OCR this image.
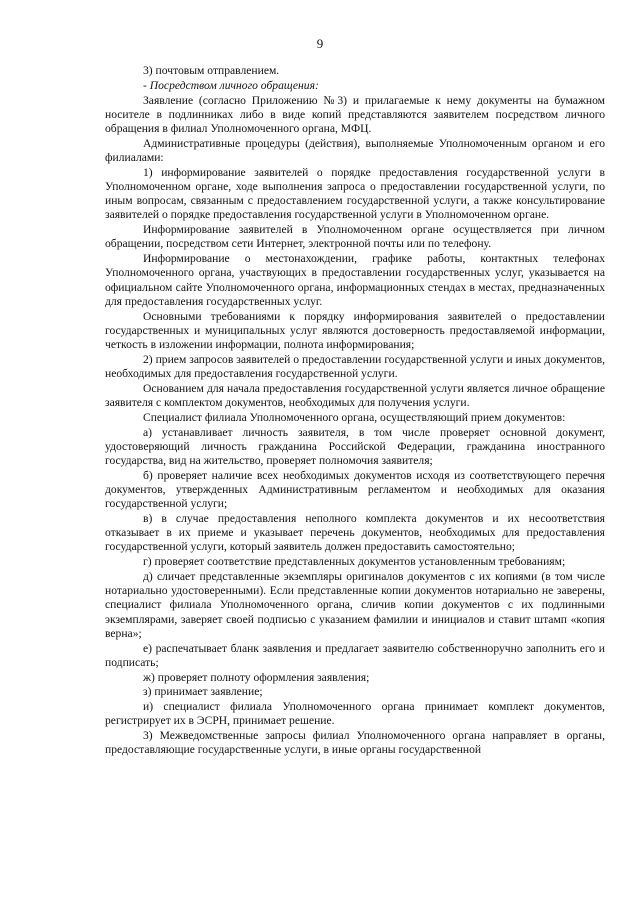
9

3) почтовым отправлением.

- Посредством личного обращения:

Заявление (согласно Приложению №3) и прилагаемые к нему документы на бумажном носителе в подлинниках либо в виде копий представляются заявителем посредством личного обращения в филиал Уполномоченного органа, МФЦ.

Административные процедуры (действия), выполняемые Уполномоченным органом и его филиалами:

1) информирование заявителей о порядке предоставления государственной услуги в Уполномоченном органе, ходе выполнения запроса о предоставлении государственной услуги, по иным вопросам, связанным с предоставлением государственной услуги, а также консультирование заявителей о порядке предоставления государственной услуги в Уполномоченном органе.

Информирование заявителей в Уполномоченном органе осуществляется при личном обращении, посредством сети Интернет, электронной почты или по телефону.

Информирование о местонахождении, графике работы, контактных телефонах Уполномоченного органа, участвующих в предоставлении государственных услуг, указывается на официальном сайте Уполномоченного органа, информационных стендах в местах, предназначенных для предоставления государственных услуг.

Основными требованиями к порядку информирования заявителей о предоставлении государственных и муниципальных услуг являются достоверность предоставляемой информации, четкость в изложении информации, полнота информирования;

2) прием запросов заявителей о предоставлении государственной услуги и иных документов, необходимых для предоставления государственной услуги.

Основанием для начала предоставления государственной услуги является личное обращение заявителя с комплектом документов, необходимых для получения услуги.

Специалист филиала Уполномоченного органа, осуществляющий прием документов:

а) устанавливает личность заявителя, в том числе проверяет основной документ, удостоверяющий личность гражданина Российской Федерации, гражданина иностранного государства, вид на жительство, проверяет полномочия заявителя;

б) проверяет наличие всех необходимых документов исходя из соответствующего перечня документов, утвержденных Административным регламентом и необходимых для оказания государственной услуги;

в) в случае предоставления неполного комплекта документов и их несоответствия отказывает в их приеме и указывает перечень документов, необходимых для предоставления государственной услуги, который заявитель должен предоставить самостоятельно;

г) проверяет соответствие представленных документов установленным требованиям;

д) сличает представленные экземпляры оригиналов документов с их копиями (в том числе нотариально удостоверенными). Если представленные копии документов нотариально не заверены, специалист филиала Уполномоченного органа, сличив копии документов с их подлинными экземплярами, заверяет своей подписью с указанием фамилии и инициалов и ставит штамп «копия верна»;

е) распечатывает бланк заявления и предлагает заявителю собственноручно заполнить его и подписать;

ж) проверяет полноту оформления заявления;

з) принимает заявление;

и) специалист филиала Уполномоченного органа принимает комплект документов, регистрирует их в ЭСРН, принимает решение.

3) Межведомственные запросы филиал Уполномоченного органа направляет в органы, предоставляющие государственные услуги, в иные органы государственной
